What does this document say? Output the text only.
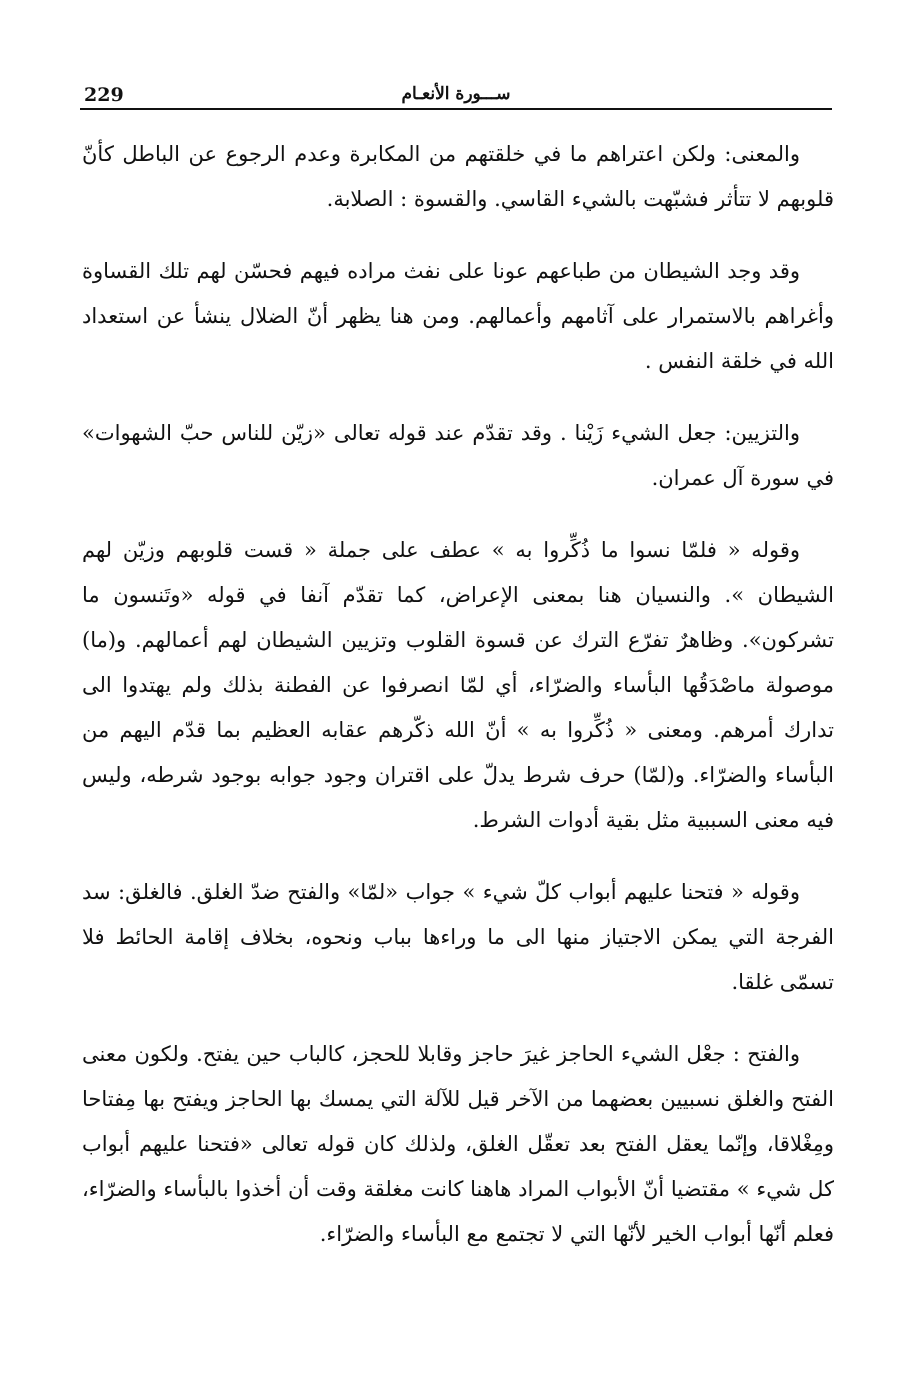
229	ســـورة الأنعـام

والمعنى: ولكن اعتراهم ما في خلقتهم من المكابرة وعدم الرجوع عن الباطل كأنّ قلوبهم لا تتأثر فشبّهت بالشيء القاسي. والقسوة : الصلابة.

وقد وجد الشيطان من طباعهم عونا على نفث مراده فيهم فحسّن لهم تلك القساوة وأغراهم بالاستمرار على آثامهم وأعمالهم. ومن هنا يظهر أنّ الضلال ينشأ عن استعداد الله في خلقة النفس .

والتزيين: جعل الشيء زَيْنا . وقد تقدّم عند قوله تعالى «زيّن للناس حبّ الشهوات» في سورة آل عمران.

وقوله « فلمّا نسوا ما ذُكِّروا به » عطف على جملة « قست قلوبهم وزيّن لهم الشيطان ». والنسيان هنا بمعنى الإعراض، كما تقدّم آنفا في قوله «وتَنسون ما تشركون». وظاهرٌ تفرّع الترك عن قسوة القلوب وتزيين الشيطان لهم أعمالهم. و(ما) موصولة ماصْدَقُها البأساء والضرّاء، أي لمّا انصرفوا عن الفطنة بذلك ولم يهتدوا الى تدارك أمرهم. ومعنى « ذُكِّروا به » أنّ الله ذكّرهم عقابه العظيم بما قدّم اليهم من البأساء والضرّاء. و(لمّا) حرف شرط يدلّ على اقتران وجود جوابه بوجود شرطه، وليس فيه معنى السببية مثل بقية أدوات الشرط.

وقوله « فتحنا عليهم أبواب كلّ شيء » جواب «لمّا» والفتح ضدّ الغلق. فالغلق: سد الفرجة التي يمكن الاجتياز منها الى ما وراءها بباب ونحوه، بخلاف إقامة الحائط فلا تسمّى غلقا.

والفتح : جعْل الشيء الحاجز غيرَ حاجز وقابلا للحجز، كالباب حين يفتح. ولكون معنى الفتح والغلق نسبيين بعضهما من الآخر قيل للآلة التي يمسك بها الحاجز ويفتح بها مِفتاحا ومِغْلاقا، وإنّما يعقل الفتح بعد تعقّل الغلق، ولذلك كان قوله تعالى «فتحنا عليهم أبواب كل شيء » مقتضيا أنّ الأبواب المراد هاهنا كانت مغلقة وقت أن أخذوا بالبأساء والضرّاء، فعلم أنّها أبواب الخير لأنّها التي لا تجتمع مع البأساء والضرّاء.
